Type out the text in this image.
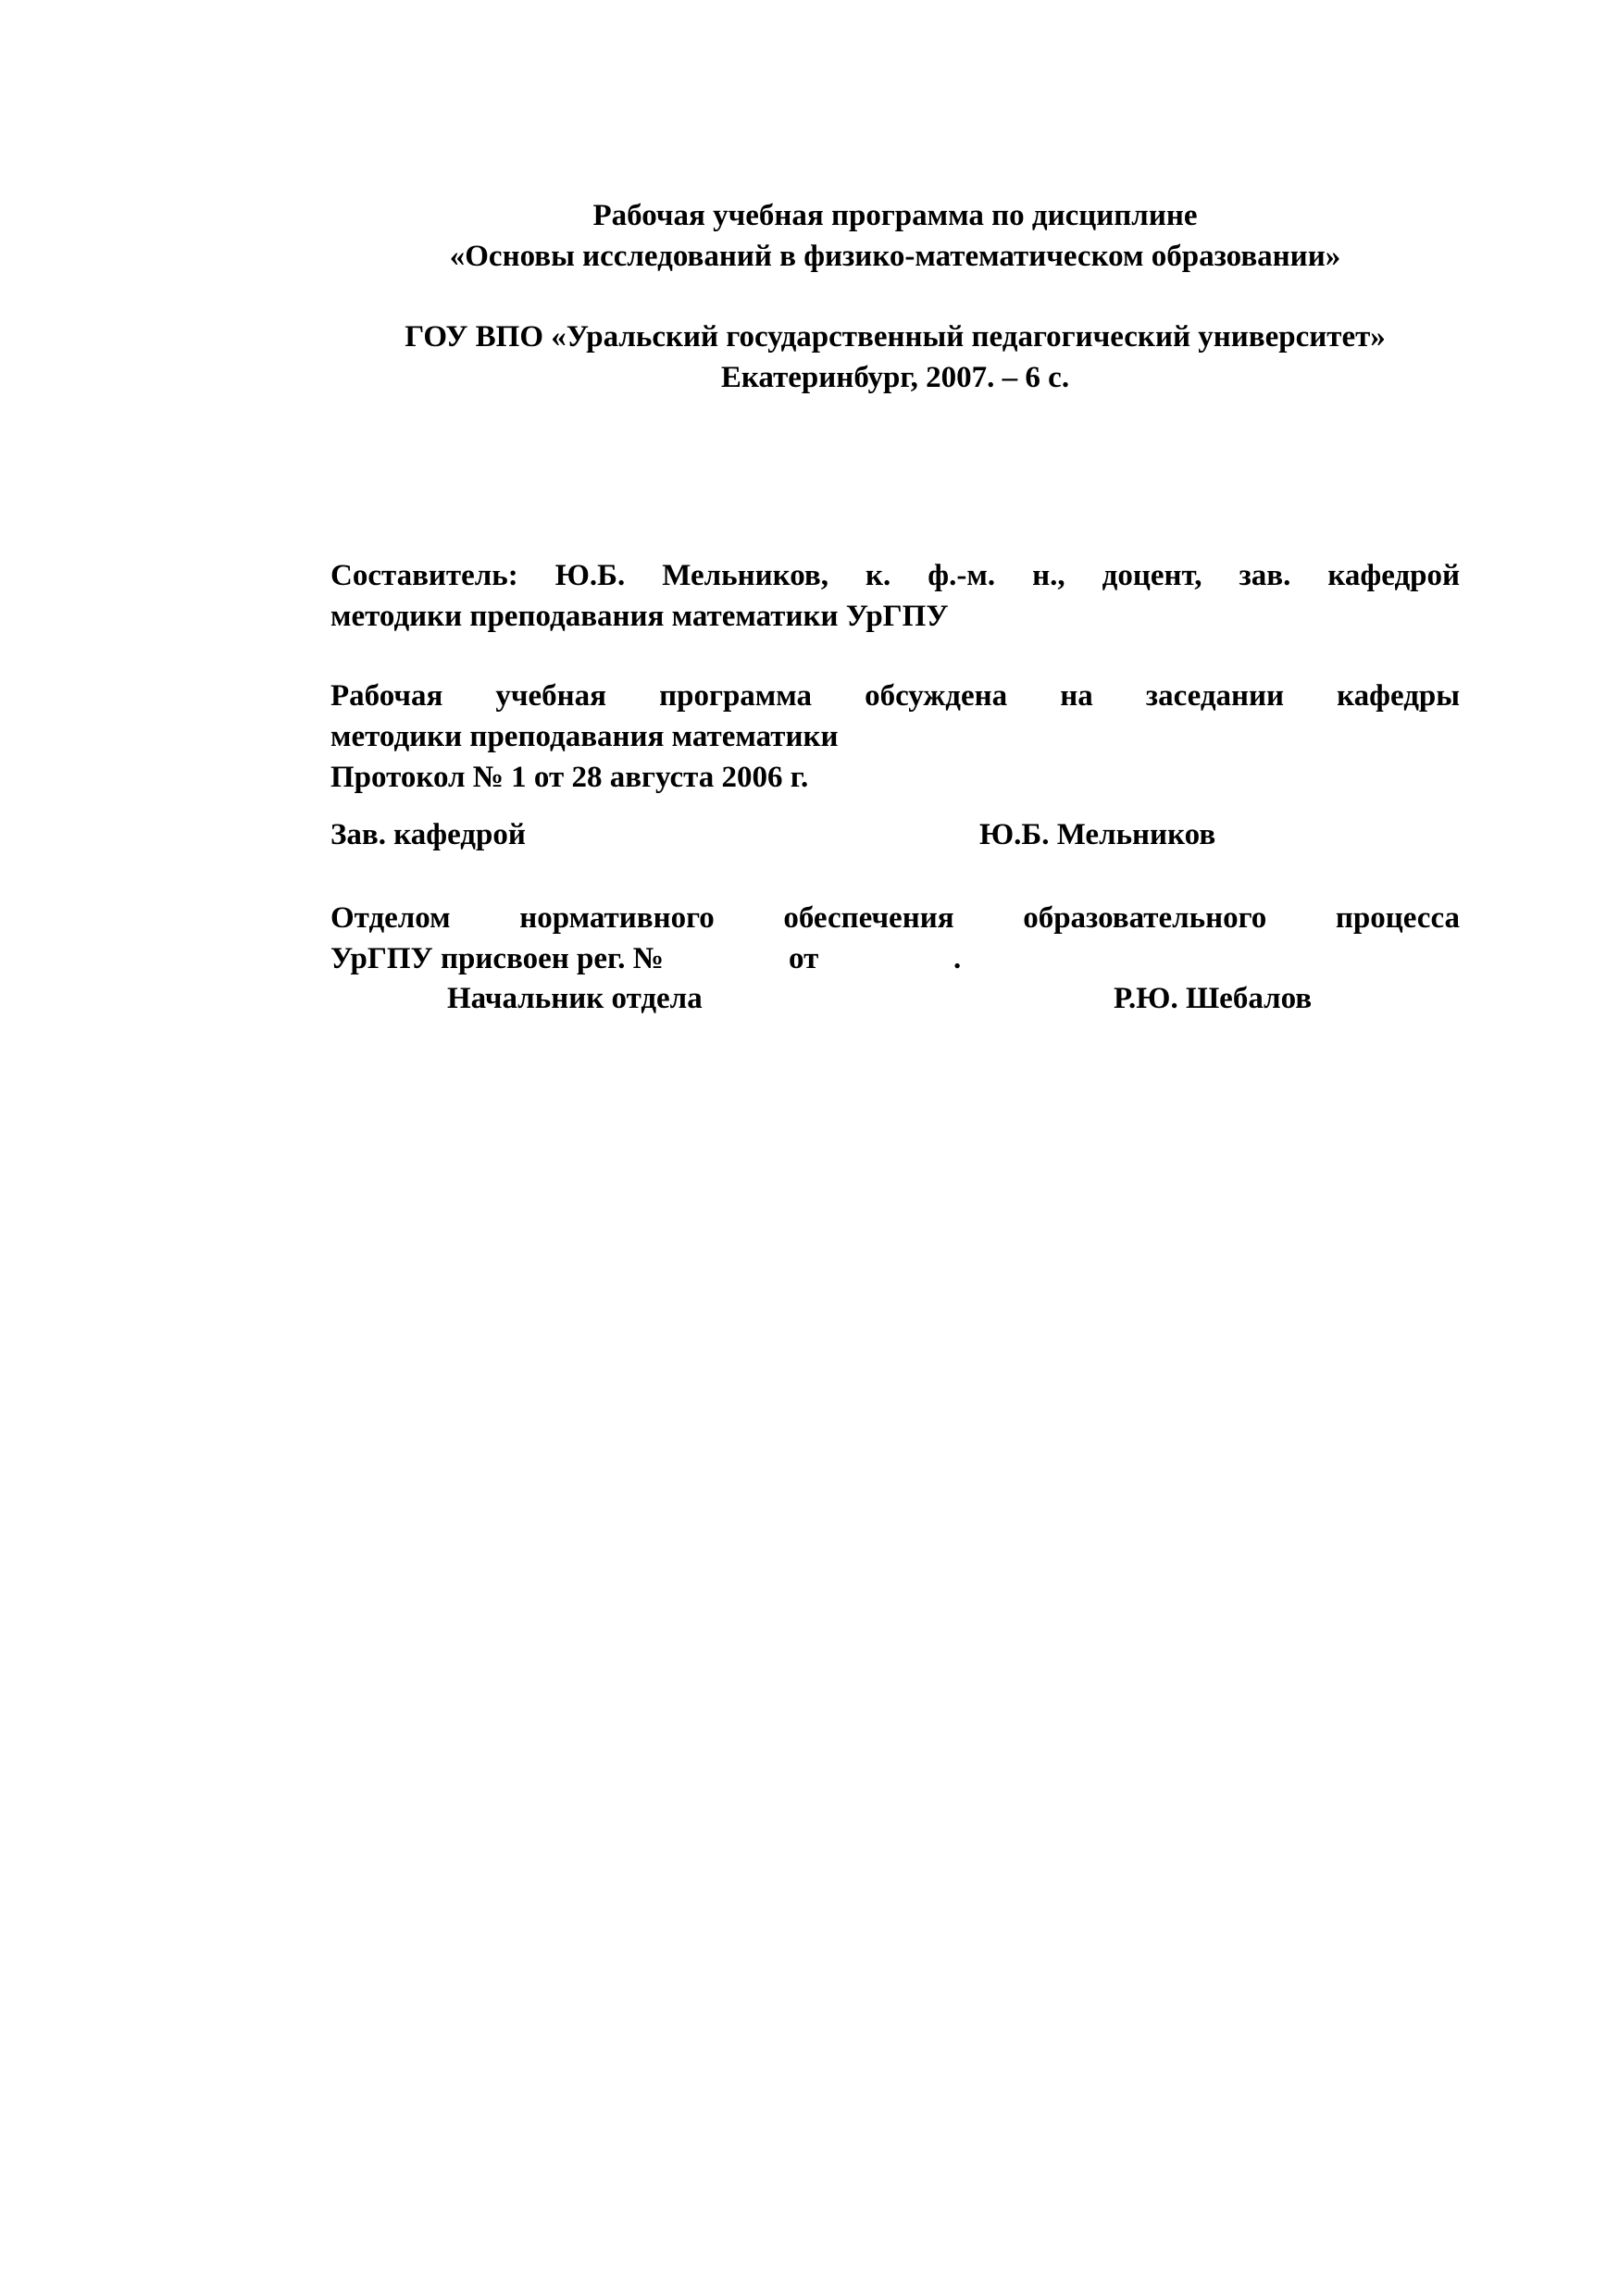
Рабочая учебная программа по дисциплине
«Основы исследований в физико-математическом образовании»
ГОУ ВПО «Уральский государственный педагогический университет»
Екатеринбург, 2007. – 6 с.
Составитель: Ю.Б. Мельников, к. ф.-м. н., доцент, зав. кафедрой
методики преподавания математики УрГПУ
Рабочая учебная программа обсуждена на заседании кафедры
методики преподавания математики
Протокол № 1 от 28 августа 2006 г.
Зав. кафедрой	Ю.Б. Мельников
Отделом нормативного обеспечения образовательного процесса
УрГПУ присвоен рег. №	от	.
Начальник отдела	Р.Ю. Шебалов
